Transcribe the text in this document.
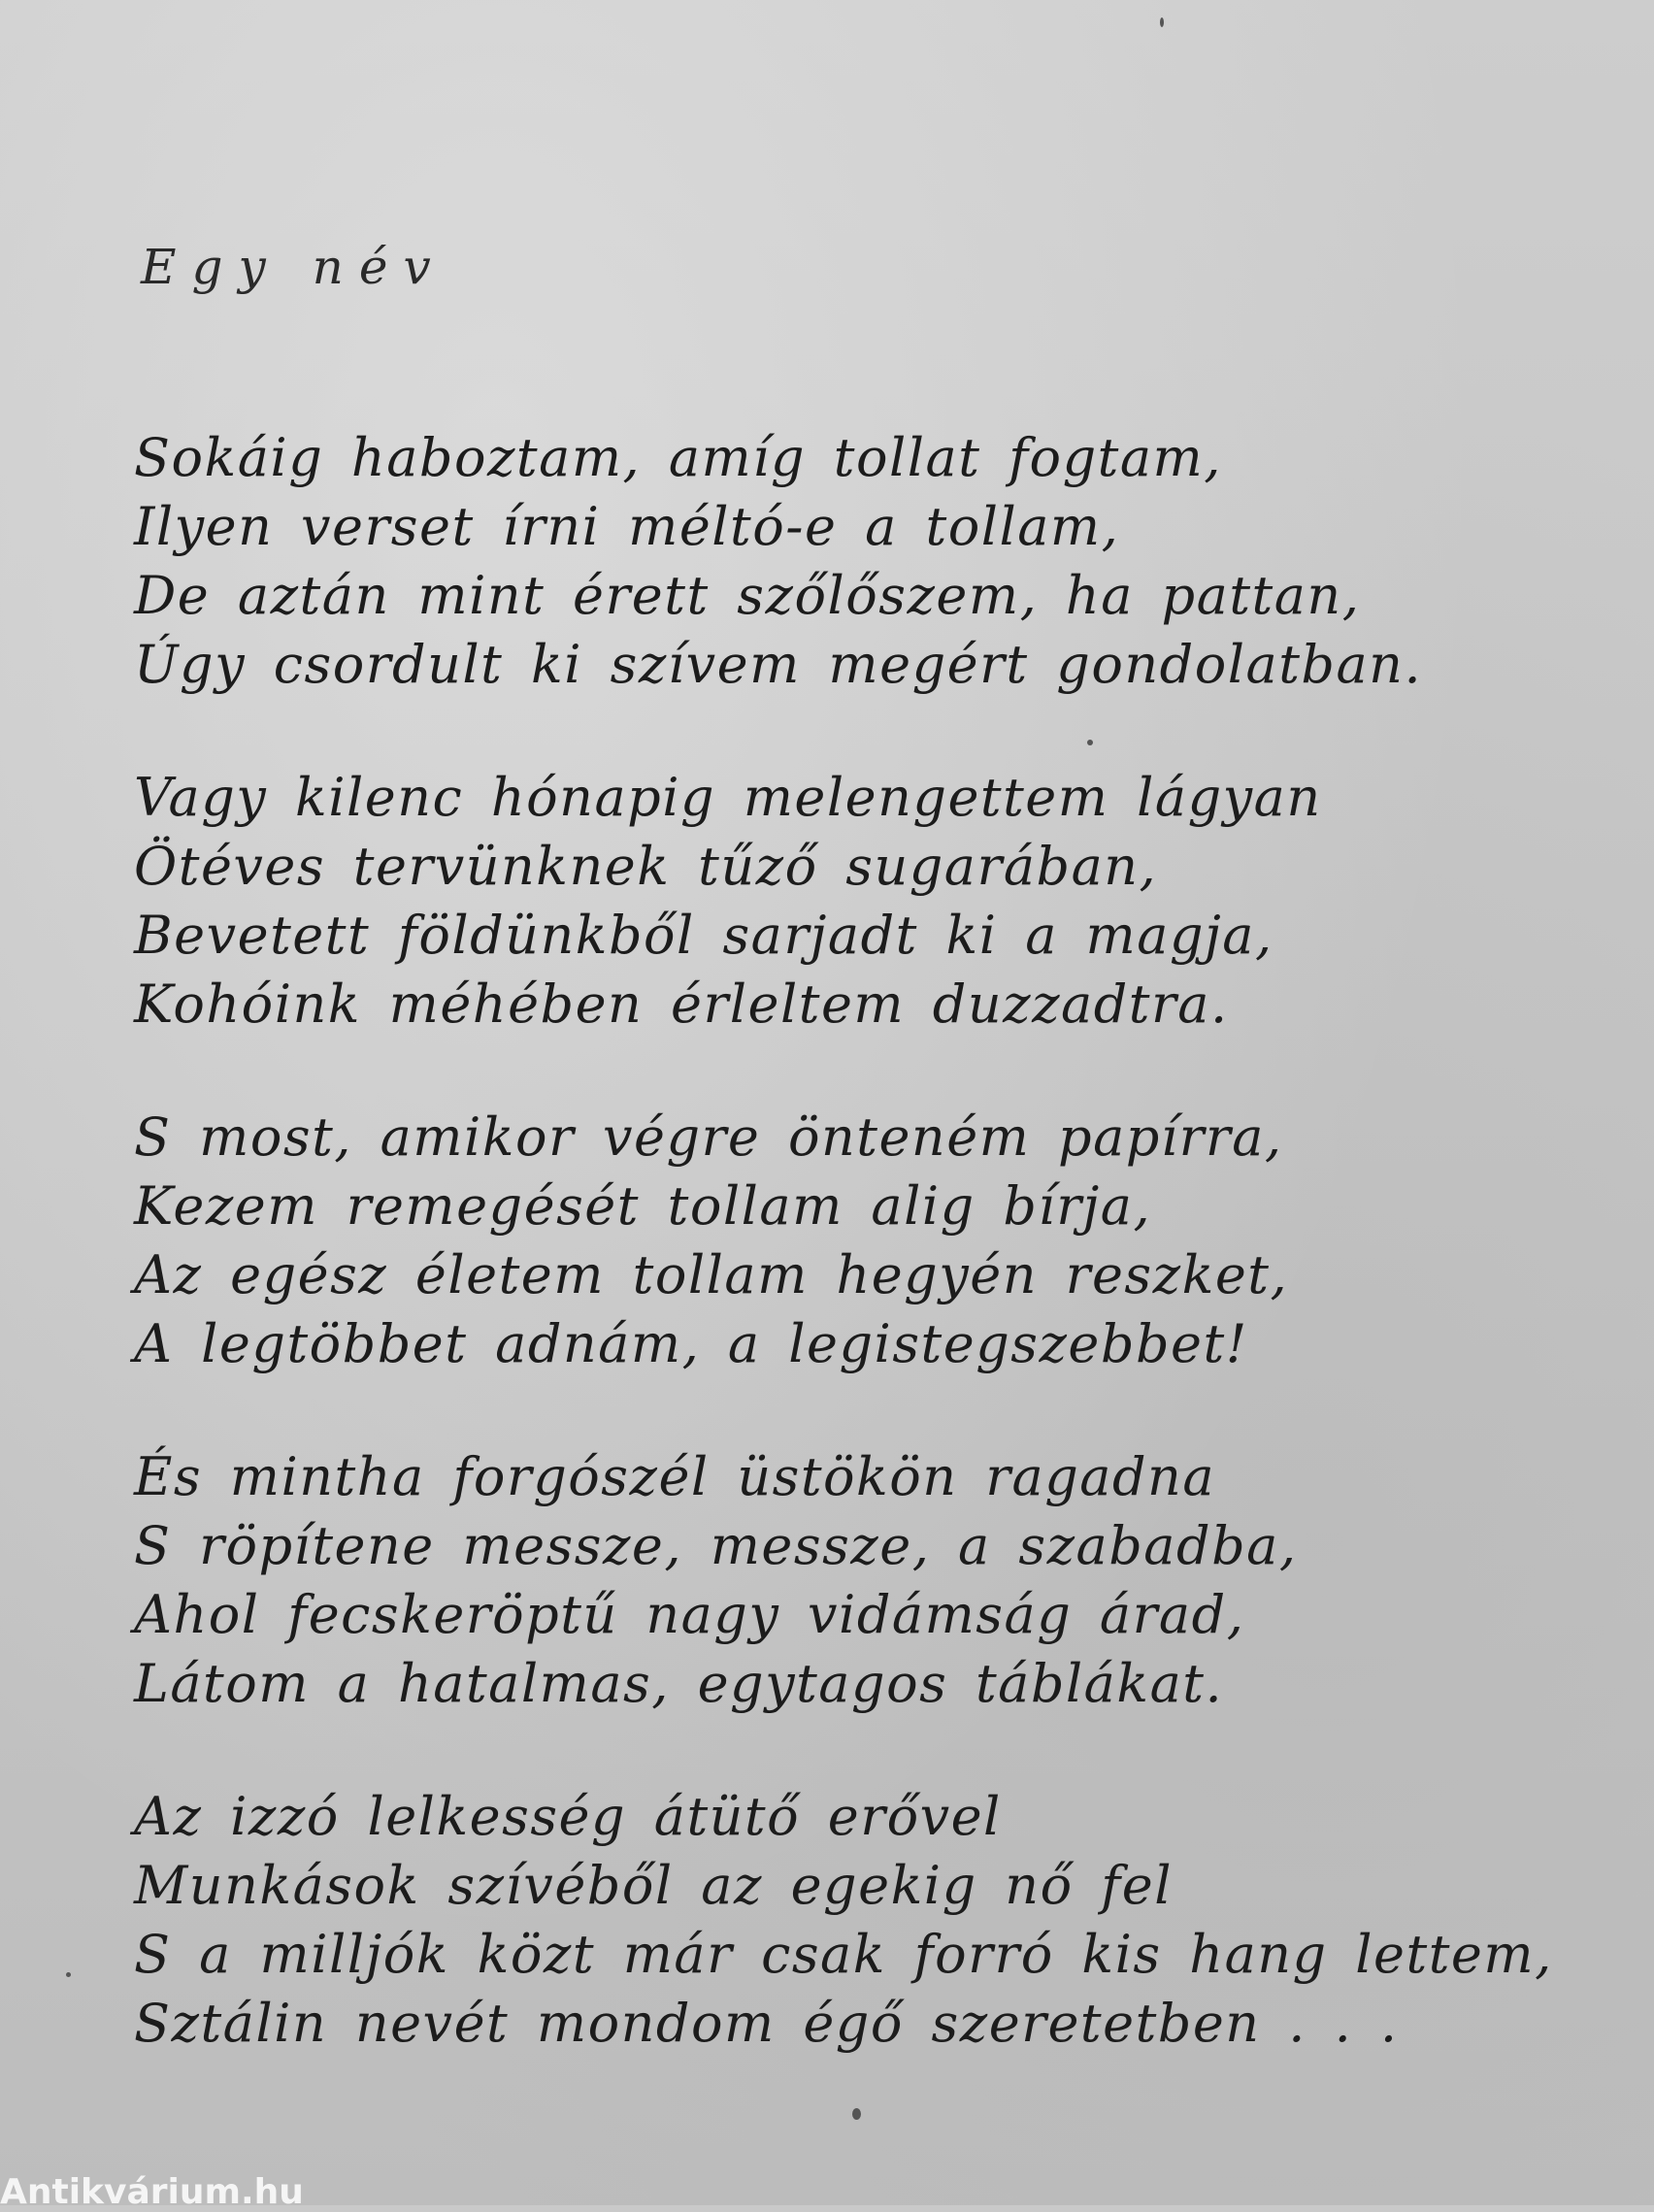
Egy név
Sokáig haboztam, amíg tollat fogtam,
Ilyen verset írni méltó-e a tollam,
De aztán mint érett szőlőszem, ha pattan,
Úgy csordult ki szívem megért gondolatban.
Vagy kilenc hónapig melengettem lágyan
Ötéves tervünknek tűző sugarában,
Bevetett földünkből sarjadt ki a magja,
Kohóink méhében érleltem duzzadtra.
S most, amikor végre önteném papírra,
Kezem remegését tollam alig bírja,
Az egész életem tollam hegyén reszket,
A legtöbbet adnám, a legistegszebbet!
És mintha forgószél üstökön ragadna
S röpítene messze, messze, a szabadba,
Ahol fecskeröptű nagy vidámság árad,
Látom a hatalmas, egytagos táblákat.
Az izzó lelkesség átütő erővel
Munkások szívéből az egekig nő fel
S a milljók közt már csak forró kis hang lettem,
Sztálin nevét mondom égő szeretetben . . .
Antikvárium.hu
